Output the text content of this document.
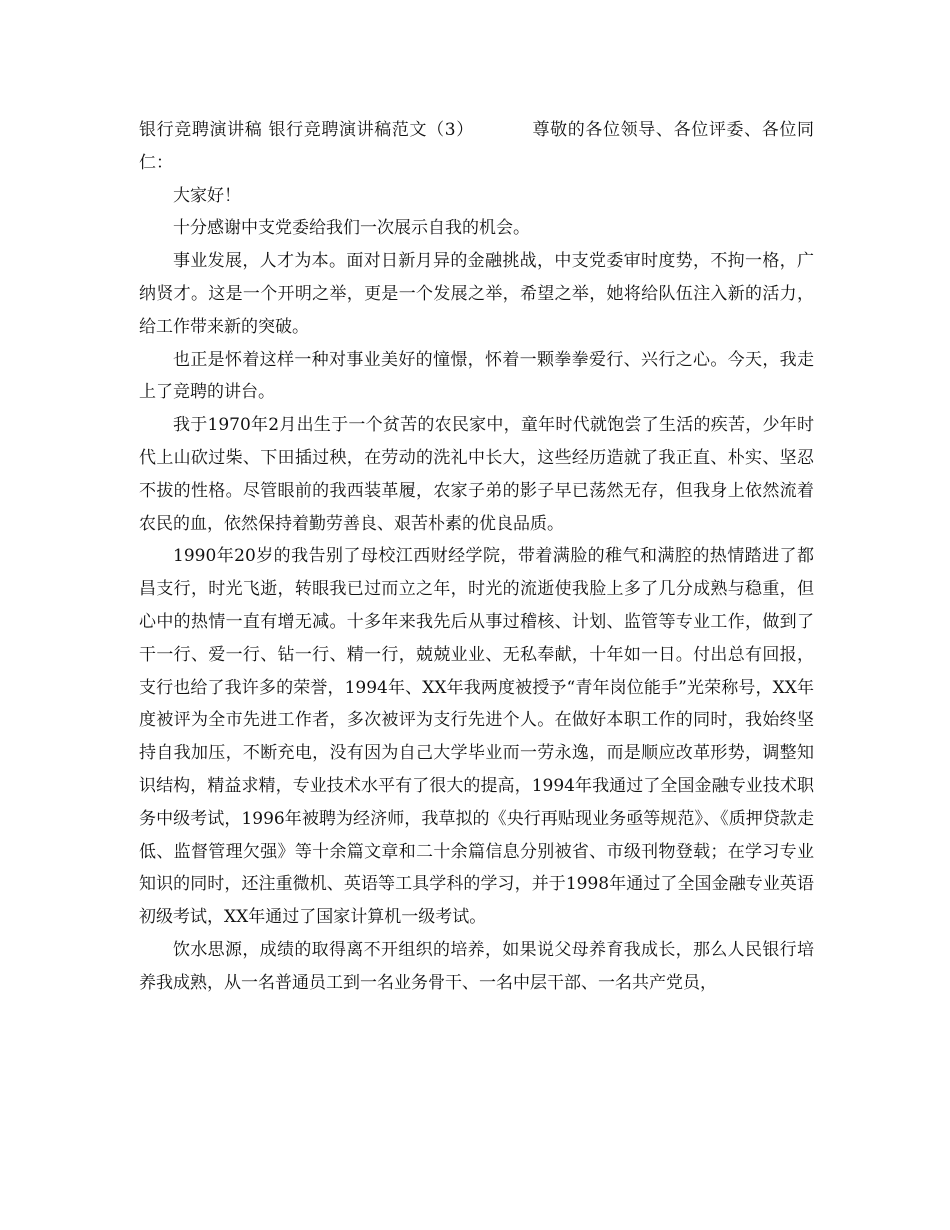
银行竞聘演讲稿 银行竞聘演讲稿范文（3）	尊敬的各位领导、各位评委、各位同仁：

大家好！

十分感谢中支党委给我们一次展示自我的机会。

事业发展，人才为本。面对日新月异的金融挑战，中支党委审时度势，不拘一格，广纳贤才。这是一个开明之举，更是一个发展之举，希望之举，她将给队伍注入新的活力，给工作带来新的突破。

也正是怀着这样一种对事业美好的憧憬，怀着一颗拳拳爱行、兴行之心。今天，我走上了竞聘的讲台。

我于1970年2月出生于一个贫苦的农民家中，童年时代就饱尝了生活的疾苦，少年时代上山砍过柴、下田插过秧，在劳动的洗礼中长大，这些经历造就了我正直、朴实、坚忍不拔的性格。尽管眼前的我西装革履，农家子弟的影子早已荡然无存，但我身上依然流着农民的血，依然保持着勤劳善良、艰苦朴素的优良品质。

1990年20岁的我告别了母校江西财经学院，带着满脸的稚气和满腔的热情踏进了都昌支行，时光飞逝，转眼我已过而立之年，时光的流逝使我脸上多了几分成熟与稳重，但心中的热情一直有增无减。十多年来我先后从事过稽核、计划、监管等专业工作，做到了干一行、爱一行、钻一行、精一行，兢兢业业、无私奉献，十年如一日。付出总有回报，支行也给了我许多的荣誉，1994年、XX年我两度被授予“青年岗位能手”光荣称号，XX年度被评为全市先进工作者，多次被评为支行先进个人。在做好本职工作的同时，我始终坚持自我加压，不断充电，没有因为自己大学毕业而一劳永逸，而是顺应改革形势，调整知识结构，精益求精，专业技术水平有了很大的提高，1994年我通过了全国金融专业技术职务中级考试，1996年被聘为经济师，我草拟的《央行再贴现业务亟等规范》、《质押贷款走低、监督管理欠强》等十余篇文章和二十余篇信息分别被省、市级刊物登载；在学习专业知识的同时，还注重微机、英语等工具学科的学习，并于1998年通过了全国金融专业英语初级考试，XX年通过了国家计算机一级考试。

饮水思源，成绩的取得离不开组织的培养，如果说父母养育我成长，那么人民银行培养我成熟，从一名普通员工到一名业务骨干、一名中层干部、一名共产党员，
